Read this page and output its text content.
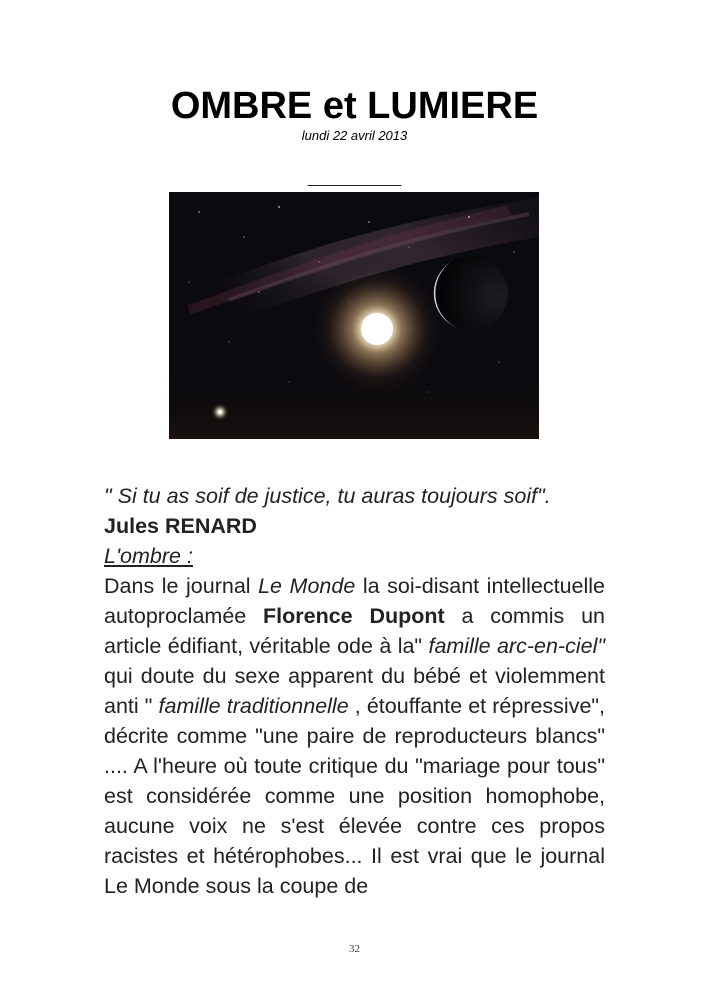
OMBRE et LUMIERE
lundi 22 avril 2013
____________

" Si tu as soif de justice, tu auras toujours soif".

Jules RENARD

L'ombre :

Dans le journal Le Monde la soi-disant intellectuelle autoproclamée Florence Dupont a commis un article édifiant, véritable ode à la" famille arc-en-ciel" qui doute du sexe apparent du bébé et violemment anti " famille traditionnelle , étouffante et répressive", décrite comme "une paire de reproducteurs blancs" .... A l'heure où toute critique du "mariage pour tous" est considérée comme une position homophobe, aucune voix ne s'est élevée contre ces propos racistes et hétérophobes... Il est vrai que le journal Le Monde sous la coupe de

32
